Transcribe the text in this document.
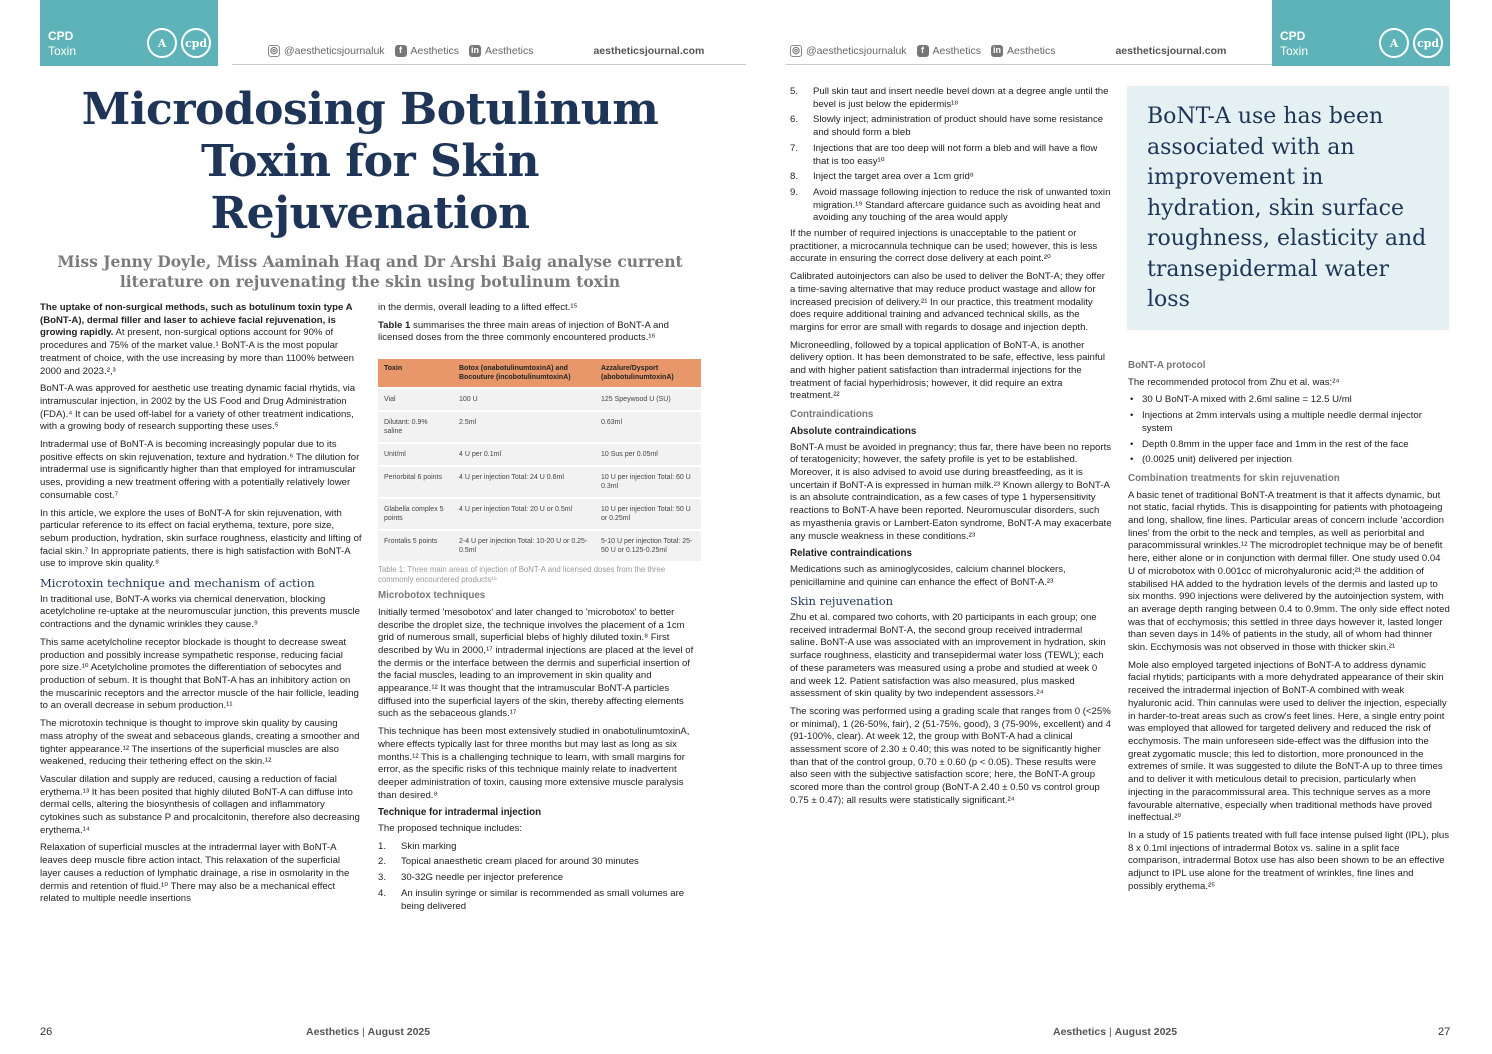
CPD
Toxin
A	cpd
◎ @aestheticsjournaluk	f Aesthetics in Aesthetics	aestheticsjournal.com
Microdosing Botulinum Toxin for Skin Rejuvenation
Miss Jenny Doyle, Miss Aaminah Haq and Dr Arshi Baig analyse current literature on rejuvenating the skin using botulinum toxin

The uptake of non-surgical methods, such as botulinum toxin type A (BoNT-A), dermal filler and laser to achieve facial rejuvenation, is growing rapidly. At present, non-surgical options account for 90% of procedures and 75% of the market value.¹ BoNT-A is the most popular treatment of choice, with the use increasing by more than 1100% between 2000 and 2023.²,³

BoNT-A was approved for aesthetic use treating dynamic facial rhytids, via intramuscular injection, in 2002 by the US Food and Drug Administration (FDA).⁴ It can be used off-label for a variety of other treatment indications, with a growing body of research supporting these uses.⁵

Intradermal use of BoNT-A is becoming increasingly popular due to its positive effects on skin rejuvenation, texture and hydration.⁶ The dilution for intradermal use is significantly higher than that employed for intramuscular uses, providing a new treatment offering with a potentially relatively lower consumable cost.⁷

In this article, we explore the uses of BoNT-A for skin rejuvenation, with particular reference to its effect on facial erythema, texture, pore size, sebum production, hydration, skin surface roughness, elasticity and lifting of facial skin.⁷ In appropriate patients, there is high satisfaction with BoNT-A use to improve skin quality.⁸

Microtoxin technique and mechanism of action

In traditional use, BoNT-A works via chemical denervation, blocking acetylcholine re-uptake at the neuromuscular junction, this prevents muscle contractions and the dynamic wrinkles they cause.⁹

This same acetylcholine receptor blockade is thought to decrease sweat production and possibly increase sympathetic response, reducing facial pore size.¹⁰ Acetylcholine promotes the differentiation of sebocytes and production of sebum. It is thought that BoNT-A has an inhibitory action on the muscarinic receptors and the arrector muscle of the hair follicle, leading to an overall decrease in sebum production.¹¹

The microtoxin technique is thought to improve skin quality by causing mass atrophy of the sweat and sebaceous glands, creating a smoother and tighter appearance.¹² The insertions of the superficial muscles are also weakened, reducing their tethering effect on the skin.¹²

Vascular dilation and supply are reduced, causing a reduction of facial erythema.¹³ It has been posited that highly diluted BoNT-A can diffuse into dermal cells, altering the biosynthesis of collagen and inflammatory cytokines such as substance P and procalcitonin, therefore also decreasing erythema.¹⁴

Relaxation of superficial muscles at the intradermal layer with BoNT-A leaves deep muscle fibre action intact. This relaxation of the superficial layer causes a reduction of lymphatic drainage, a rise in osmolarity in the dermis and retention of fluid.¹⁰ There may also be a mechanical effect related to multiple needle insertions

in the dermis, overall leading to a lifted effect.¹⁵

Table 1 summarises the three main areas of injection of BoNT-A and licensed doses from the three commonly encountered products.¹⁶

Toxin	Botox (onabotulinumtoxinA) and Bocouture (incobotulinumtoxinA)	Azzalure/Dysport (abobotulinumtoxinA)
Vial	100 U	125 Speywood U (SU)
Dilutant: 0.9% saline	2.5ml	0.63ml
Unit/ml	4 U per 0.1ml	10 Sus per 0.05ml
Periorbital 6 points	4 U per injection Total: 24 U 0.6ml	10 U per injection Total: 60 U 0.3ml
Glabella complex 5 points	4 U per injection Total: 20 U or 0.5ml	10 U per injection Total: 50 U or 0.25ml
Frontalis 5 points	2-4 U per injection Total: 10-20 U or 0.25-0.5ml	5-10 U per injection Total: 25-50 U or 0.125-0.25ml
Table 1: Three main areas of injection of BoNT-A and licensed doses from the three commonly encountered products¹⁶
Microbotox techniques

Initially termed 'mesobotox' and later changed to 'microbotox' to better describe the droplet size, the technique involves the placement of a 1cm grid of numerous small, superficial blebs of highly diluted toxin.⁸ First described by Wu in 2000,¹⁷ intradermal injections are placed at the level of the dermis or the interface between the dermis and superficial insertion of the facial muscles, leading to an improvement in skin quality and appearance.¹² It was thought that the intramuscular BoNT-A particles diffused into the superficial layers of the skin, thereby affecting elements such as the sebaceous glands.¹⁷

This technique has been most extensively studied in onabotulinumtoxinA, where effects typically last for three months but may last as long as six months.¹² This is a challenging technique to learn, with small margins for error, as the specific risks of this technique mainly relate to inadvertent deeper administration of toxin, causing more extensive muscle paralysis than desired.⁸

Technique for intradermal injection

The proposed technique includes:

1. Skin marking
2. Topical anaesthetic cream placed for around 30 minutes
3. 30-32G needle per injector preference
4. An insulin syringe or similar is recommended as small volumes are being delivered
26	Aesthetics | August 2025
◎ @aestheticsjournaluk	f Aesthetics in Aesthetics	aestheticsjournal.com
CPD
Toxin
A	cpd
5. Pull skin taut and insert needle bevel down at a degree angle until the bevel is just below the epidermis¹⁸
6. Slowly inject; administration of product should have some resistance and should form a bleb
7. Injections that are too deep will not form a bleb and will have a flow that is too easy¹⁰
8. Inject the target area over a 1cm grid⁸
9. Avoid massage following injection to reduce the risk of unwanted toxin migration.¹⁹ Standard aftercare guidance such as avoiding heat and avoiding any touching of the area would apply

If the number of required injections is unacceptable to the patient or practitioner, a microcannula technique can be used; however, this is less accurate in ensuring the correct dose delivery at each point.²⁰

Calibrated autoinjectors can also be used to deliver the BoNT-A; they offer a time-saving alternative that may reduce product wastage and allow for increased precision of delivery.²¹ In our practice, this treatment modality does require additional training and advanced technical skills, as the margins for error are small with regards to dosage and injection depth.

Microneedling, followed by a topical application of BoNT-A, is another delivery option. It has been demonstrated to be safe, effective, less painful and with higher patient satisfaction than intradermal injections for the treatment of facial hyperhidrosis; however, it did require an extra treatment.²²

Contraindications
Absolute contraindications

BoNT-A must be avoided in pregnancy; thus far, there have been no reports of teratogenicity; however, the safety profile is yet to be established. Moreover, it is also advised to avoid use during breastfeeding, as it is uncertain if BoNT-A is expressed in human milk.²³ Known allergy to BoNT-A is an absolute contraindication, as a few cases of type 1 hypersensitivity reactions to BoNT-A have been reported. Neuromuscular disorders, such as myasthenia gravis or Lambert-Eaton syndrome, BoNT-A may exacerbate any muscle weakness in these conditions.²³

Relative contraindications

Medications such as aminoglycosides, calcium channel blockers, penicillamine and quinine can enhance the effect of BoNT-A.²³

Skin rejuvenation

Zhu et al. compared two cohorts, with 20 participants in each group; one received intradermal BoNT-A, the second group received intradermal saline. BoNT-A use was associated with an improvement in hydration, skin surface roughness, elasticity and transepidermal water loss (TEWL); each of these parameters was measured using a probe and studied at week 0 and week 12. Patient satisfaction was also measured, plus masked assessment of skin quality by two independent assessors.²⁴

The scoring was performed using a grading scale that ranges from 0 (<25% or minimal), 1 (26-50%, fair), 2 (51-75%, good), 3 (75-90%, excellent) and 4 (91-100%, clear). At week 12, the group with BoNT-A had a clinical assessment score of 2.30 ± 0.40; this was noted to be significantly higher than that of the control group, 0.70 ± 0.60 (p < 0.05). These results were also seen with the subjective satisfaction score; here, the BoNT-A group scored more than the control group (BoNT-A 2.40 ± 0.50 vs control group 0.75 ± 0.47); all results were statistically significant.²⁴

BoNT-A use has been associated with an improvement in hydration, skin surface roughness, elasticity and transepidermal water loss
BoNT-A protocol

The recommended protocol from Zhu et al. was:²⁴

• 30 U BoNT-A mixed with 2.6ml saline = 12.5 U/ml
• Injections at 2mm intervals using a multiple needle dermal injector system
• Depth 0.8mm in the upper face and 1mm in the rest of the face
• (0.0025 unit) delivered per injection
Combination treatments for skin rejuvenation

A basic tenet of traditional BoNT-A treatment is that it affects dynamic, but not static, facial rhytids. This is disappointing for patients with photoageing and long, shallow, fine lines. Particular areas of concern include 'accordion lines' from the orbit to the neck and temples, as well as periorbital and paracommissural wrinkles.¹² The microdroplet technique may be of benefit here, either alone or in conjunction with dermal filler. One study used 0.04 U of microbotox with 0.001cc of microhyaluronic acid;²¹ the addition of stabilised HA added to the hydration levels of the dermis and lasted up to six months. 990 injections were delivered by the autoinjection system, with an average depth ranging between 0.4 to 0.9mm. The only side effect noted was that of ecchymosis; this settled in three days however it, lasted longer than seven days in 14% of patients in the study, all of whom had thinner skin. Ecchymosis was not observed in those with thicker skin.²¹

Mole also employed targeted injections of BoNT-A to address dynamic facial rhytids; participants with a more dehydrated appearance of their skin received the intradermal injection of BoNT-A combined with weak hyaluronic acid. Thin cannulas were used to deliver the injection, especially in harder-to-treat areas such as crow's feet lines. Here, a single entry point was employed that allowed for targeted delivery and reduced the risk of ecchymosis. The main unforeseen side-effect was the diffusion into the great zygomatic muscle; this led to distortion, more pronounced in the extremes of smile. It was suggested to dilute the BoNT-A up to three times and to deliver it with meticulous detail to precision, particularly when injecting in the paracommissural area. This technique serves as a more favourable alternative, especially when traditional methods have proved ineffectual.²⁰

In a study of 15 patients treated with full face intense pulsed light (IPL), plus 8 x 0.1ml injections of intradermal Botox vs. saline in a split face comparison, intradermal Botox use has also been shown to be an effective adjunct to IPL use alone for the treatment of wrinkles, fine lines and possibly erythema.²⁵

Aesthetics | August 2025	27
